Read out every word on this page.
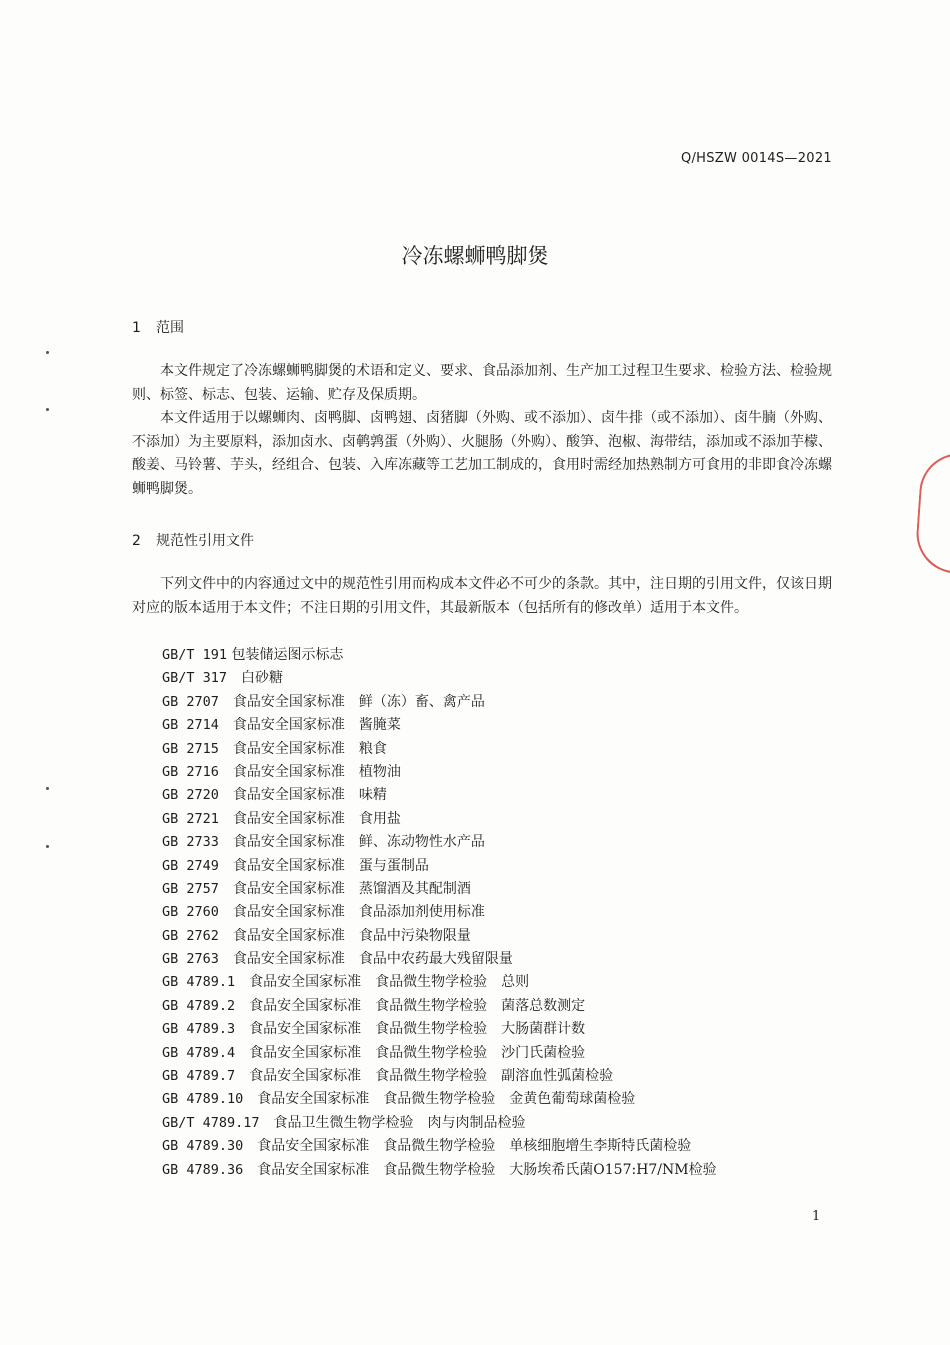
Q/HSZW 0014S—2021
冷冻螺蛳鸭脚煲
1 范围
本文件规定了冷冻螺蛳鸭脚煲的术语和定义、要求、食品添加剂、生产加工过程卫生要求、检验方法、检验规则、标签、标志、包装、运输、贮存及保质期。
本文件适用于以螺蛳肉、卤鸭脚、卤鸭翅、卤猪脚（外购、或不添加）、卤牛排（或不添加）、卤牛腩（外购、不添加）为主要原料，添加卤水、卤鹌鹑蛋（外购）、火腿肠（外购）、酸笋、泡椒、海带结，添加或不添加芋檬、酸姜、马铃薯、芋头，经组合、包装、入库冻藏等工艺加工制成的，食用时需经加热熟制方可食用的非即食冷冻螺蛳鸭脚煲。
2 规范性引用文件
下列文件中的内容通过文中的规范性引用而构成本文件必不可少的条款。其中，注日期的引用文件，仅该日期对应的版本适用于本文件；不注日期的引用文件，其最新版本（包括所有的修改单）适用于本文件。
GB/T 191 包装储运图示标志
GB/T 317　 白砂糖
GB 2707　 食品安全国家标准　鲜（冻）畜、禽产品
GB 2714　 食品安全国家标准　酱腌菜
GB 2715　 食品安全国家标准　粮食
GB 2716　 食品安全国家标准　植物油
GB 2720　 食品安全国家标准　味精
GB 2721　 食品安全国家标准　食用盐
GB 2733　 食品安全国家标准　鲜、冻动物性水产品
GB 2749　 食品安全国家标准　蛋与蛋制品
GB 2757　 食品安全国家标准　蒸馏酒及其配制酒
GB 2760　 食品安全国家标准　食品添加剂使用标准
GB 2762　 食品安全国家标准　食品中污染物限量
GB 2763　 食品安全国家标准　食品中农药最大残留限量
GB 4789.1　 食品安全国家标准　食品微生物学检验　总则
GB 4789.2　 食品安全国家标准　食品微生物学检验　菌落总数测定
GB 4789.3　 食品安全国家标准　食品微生物学检验　大肠菌群计数
GB 4789.4　 食品安全国家标准　食品微生物学检验　沙门氏菌检验
GB 4789.7　 食品安全国家标准　食品微生物学检验　副溶血性弧菌检验
GB 4789.10　 食品安全国家标准　食品微生物学检验　金黄色葡萄球菌检验
GB/T 4789.17　 食品卫生微生物学检验　肉与肉制品检验
GB 4789.30　 食品安全国家标准　食品微生物学检验　单核细胞增生李斯特氏菌检验
GB 4789.36　 食品安全国家标准　食品微生物学检验　大肠埃希氏菌O157:H7/NM检验
1
